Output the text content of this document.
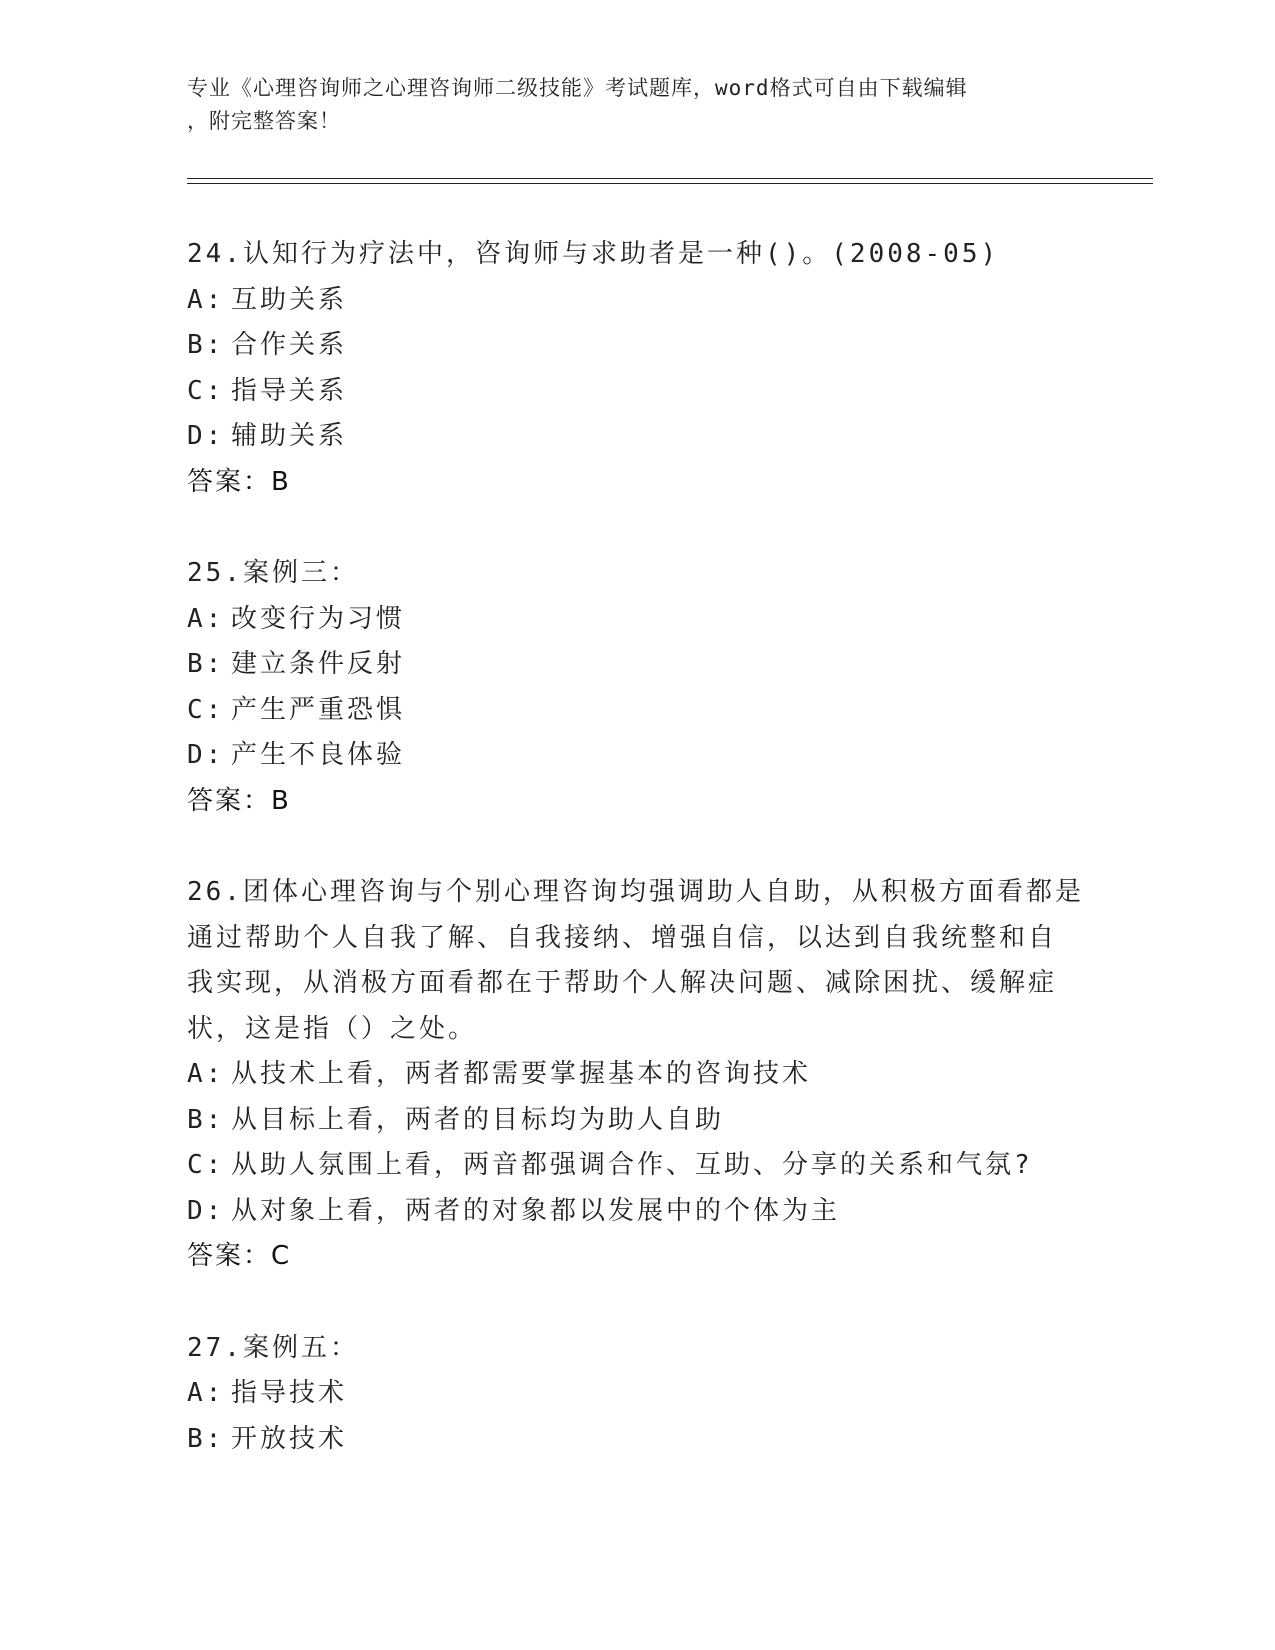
专业《心理咨询师之心理咨询师二级技能》考试题库，word格式可自由下载编辑
，附完整答案！
24.认知行为疗法中，咨询师与求助者是一种()。(2008-05)
A: 互助关系
B: 合作关系
C: 指导关系
D: 辅助关系
答案：B
25.案例三：
A: 改变行为习惯
B: 建立条件反射
C: 产生严重恐惧
D: 产生不良体验
答案：B
26.团体心理咨询与个别心理咨询均强调助人自助，从积极方面看都是
通过帮助个人自我了解、自我接纳、增强自信，以达到自我统整和自
我实现，从消极方面看都在于帮助个人解决问题、减除困扰、缓解症
状，这是指（）之处。
A: 从技术上看，两者都需要掌握基本的咨询技术
B: 从目标上看，两者的目标均为助人自助
C: 从助人氛围上看，两音都强调合作、互助、分享的关系和气氛?
D: 从对象上看，两者的对象都以发展中的个体为主
答案：C
27.案例五：
A: 指导技术
B: 开放技术
